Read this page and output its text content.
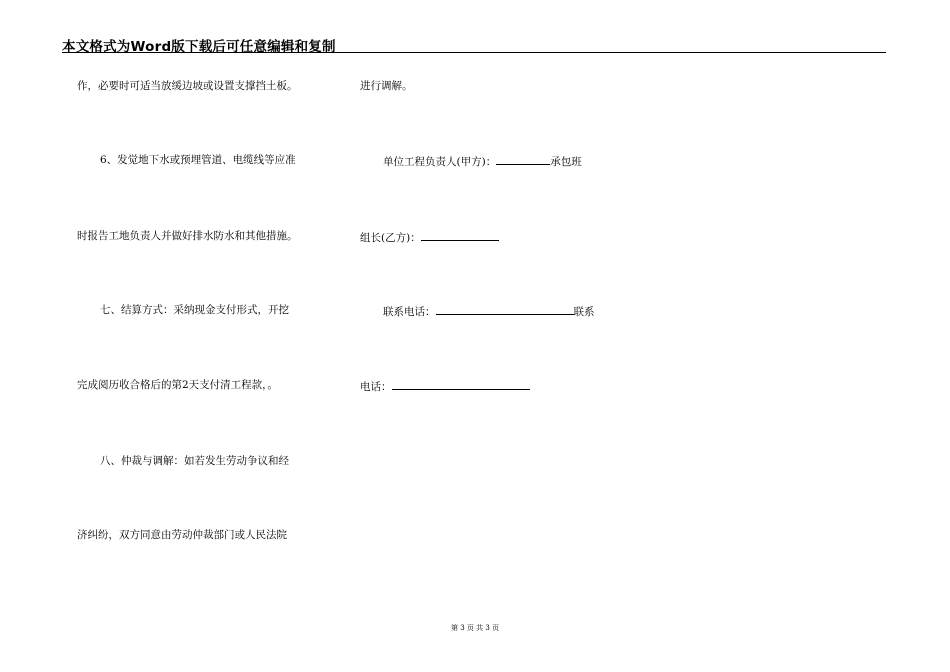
本文格式为Word版下载后可任意编辑和复制
作，必要时可适当放缓边坡或设置支撑挡土板。
6、发觉地下水或预埋管道、电缆线等应准
时报告工地负责人并做好排水防水和其他措施。
七、结算方式：采纳现金支付形式，开挖
完成阅历收合格后的第2天支付清工程款，。
八、仲裁与调解：如若发生劳动争议和经
济纠纷，双方同意由劳动仲裁部门或人民法院
进行调解。
单位工程负责人(甲方)：	承包班
组长(乙方)：
联系电话：	联系
电话：
第 3 页 共 3 页
